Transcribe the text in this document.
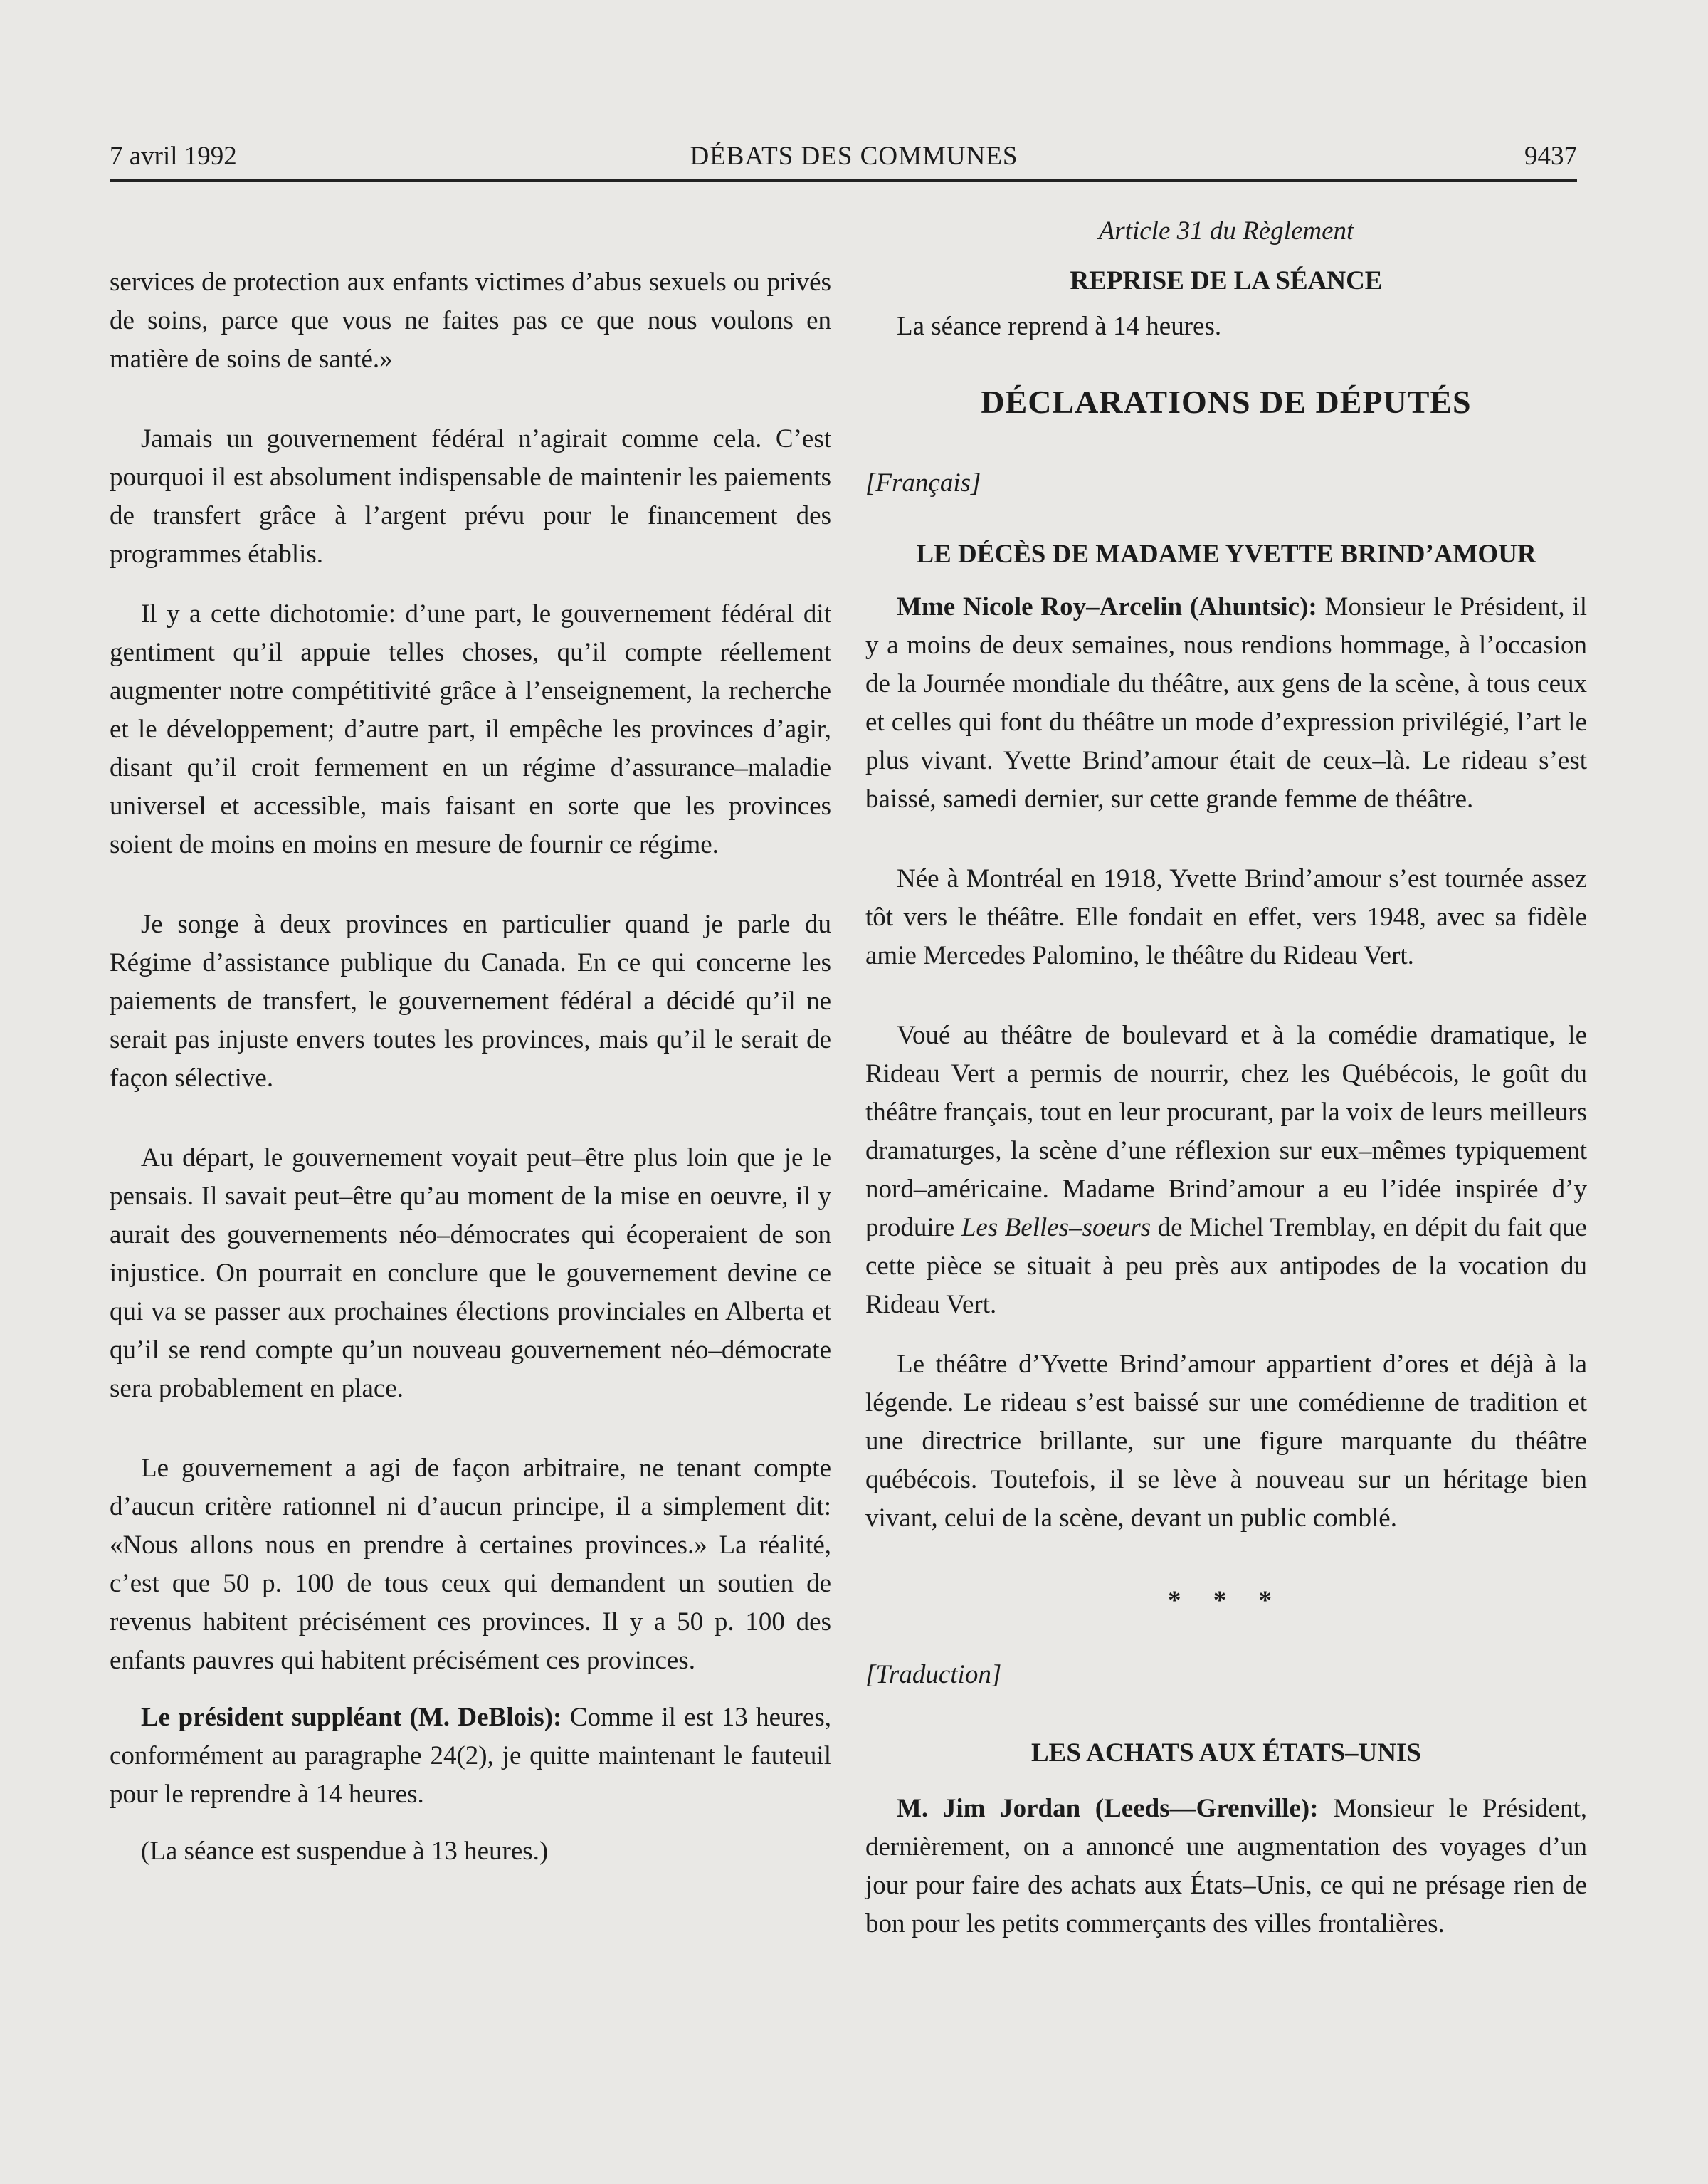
7 avril 1992	DÉBATS DES COMMUNES	9437

services de protection aux enfants victimes d’abus sexuels ou privés de soins, parce que vous ne faites pas ce que nous voulons en matière de soins de santé.»

Jamais un gouvernement fédéral n’agirait comme cela. C’est pourquoi il est absolument indispensable de maintenir les paiements de transfert grâce à l’argent prévu pour le financement des programmes établis.

Il y a cette dichotomie: d’une part, le gouvernement fédéral dit gentiment qu’il appuie telles choses, qu’il compte réellement augmenter notre compétitivité grâce à l’enseignement, la recherche et le développement; d’autre part, il empêche les provinces d’agir, disant qu’il croit fermement en un régime d’assurance–maladie universel et accessible, mais faisant en sorte que les provinces soient de moins en moins en mesure de fournir ce régime.

Je songe à deux provinces en particulier quand je parle du Régime d’assistance publique du Canada. En ce qui concerne les paiements de transfert, le gouvernement fédéral a décidé qu’il ne serait pas injuste envers toutes les provinces, mais qu’il le serait de façon sélective.

Au départ, le gouvernement voyait peut–être plus loin que je le pensais. Il savait peut–être qu’au moment de la mise en oeuvre, il y aurait des gouvernements néo–démocrates qui écoperaient de son injustice. On pourrait en conclure que le gouvernement devine ce qui va se passer aux prochaines élections provinciales en Alberta et qu’il se rend compte qu’un nouveau gouvernement néo–démocrate sera probablement en place.

Le gouvernement a agi de façon arbitraire, ne tenant compte d’aucun critère rationnel ni d’aucun principe, il a simplement dit: «Nous allons nous en prendre à certaines provinces.» La réalité, c’est que 50 p. 100 de tous ceux qui demandent un soutien de revenus habitent précisément ces provinces. Il y a 50 p. 100 des enfants pauvres qui habitent précisément ces provinces.

Le président suppléant (M. DeBlois): Comme il est 13 heures, conformément au paragraphe 24(2), je quitte maintenant le fauteuil pour le reprendre à 14 heures.

(La séance est suspendue à 13 heures.)

Article 31 du Règlement

REPRISE DE LA SÉANCE

La séance reprend à 14 heures.

DÉCLARATIONS DE DÉPUTÉS

[Français]

LE DÉCÈS DE MADAME YVETTE BRIND’AMOUR

Mme Nicole Roy–Arcelin (Ahuntsic): Monsieur le Président, il y a moins de deux semaines, nous rendions hommage, à l’occasion de la Journée mondiale du théâtre, aux gens de la scène, à tous ceux et celles qui font du théâtre un mode d’expression privilégié, l’art le plus vivant. Yvette Brind’amour était de ceux–là. Le rideau s’est baissé, samedi dernier, sur cette grande femme de théâtre.

Née à Montréal en 1918, Yvette Brind’amour s’est tournée assez tôt vers le théâtre. Elle fondait en effet, vers 1948, avec sa fidèle amie Mercedes Palomino, le théâtre du Rideau Vert.

Voué au théâtre de boulevard et à la comédie dramatique, le Rideau Vert a permis de nourrir, chez les Québécois, le goût du théâtre français, tout en leur procurant, par la voix de leurs meilleurs dramaturges, la scène d’une réflexion sur eux–mêmes typiquement nord–américaine. Madame Brind’amour a eu l’idée inspirée d’y produire Les Belles–soeurs de Michel Tremblay, en dépit du fait que cette pièce se situait à peu près aux antipodes de la vocation du Rideau Vert.

Le théâtre d’Yvette Brind’amour appartient d’ores et déjà à la légende. Le rideau s’est baissé sur une comédienne de tradition et une directrice brillante, sur une figure marquante du théâtre québécois. Toutefois, il se lève à nouveau sur un héritage bien vivant, celui de la scène, devant un public comblé.

* * *

[Traduction]

LES ACHATS AUX ÉTATS–UNIS

M. Jim Jordan (Leeds—Grenville): Monsieur le Président, dernièrement, on a annoncé une augmentation des voyages d’un jour pour faire des achats aux États–Unis, ce qui ne présage rien de bon pour les petits commerçants des villes frontalières.
